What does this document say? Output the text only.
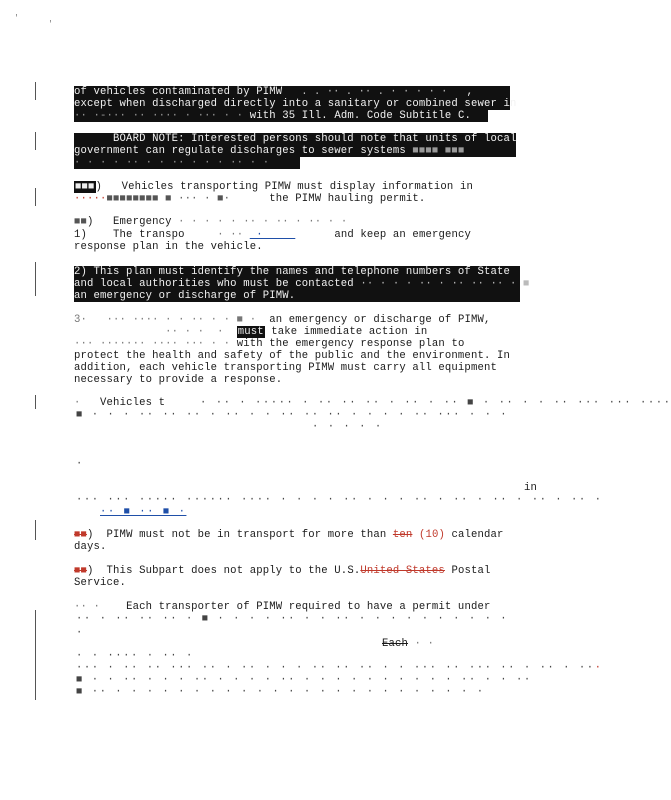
'
'
of vehicles contaminated by PIMW   . . ·· . ·· . · · · · ·   ,
except when discharged directly into a sanitary or combined sewer in
·· ·-··· ·· ···· · ··· · · with 35 Ill. Adm. Code Subtitle C.
BOARD NOTE: Interested persons should note that units of local
government can regulate discharges to sewer systems ■■■■ ■■■
· · · · ·· · · ·· · · · ·· · ·
■■■)   Vehicles transporting PIMW must display information in
·····■■■■■■■■ ■ ··· · ■·	the PIMW hauling permit.
■■)   Emergency · · · · · ·· · ·· · ·· · ·
1) The transpo	· ··  ·	and keep an emergency
response plan in the vehicle.
2) This plan must identify the names and telephone numbers of State
and local authorities who must be contacted ·· · · · ·· · ·· ·· ·· · ■
an emergency or discharge of PIMW.
3·   ··· ···· · · ·· · · ■ · an emergency or discharge of PIMW,
·· · ·  ·  must take immediate action in
··· ······· ···· ··· · · with the emergency response plan to
protect the health and safety of the public and the environment. In
addition, each vehicle transporting PIMW must carry all equipment
necessary to provide a response.
· Vehicles t	· ·· · ····· · ·· ·· ·· · ·· · ·· ■ · ·· · · ·· ··· ··· ····
■ · · · ·· ·· ·· · ·· · · ·· ·· ·· · · · · ·· ··· · · ·
· · · · ·
·
in
··· ··· ····· ······ ···· · · · · ·· · · · ·· · ·· · ·· · ·· · ·· ·
·· ■ ·· ■ ·
■■)  PIMW must not be in transport for more than ten (10) calendar
days.
■■)  This Subpart does not apply to the U.S.United States Postal
Service.
·· · Each transporter of PIMW required to have a permit under
·· · ·· ·· ·· · ■ · · · · ·· · · ·· · · · · · · · · · ·
·
Each · ·
· · ···· · ·· ·
··· · ·· ·· ··· ·· · ·· · · · ·· ·· ·· · · ··· ·· ··· ·· · ·· · ···
■ · · ·· · · · ·· · · · · ·· · · · · · · · · · · ·· · · ··
■ ·· · · · · · · · · · · · · · · · · · · · · · · · ·
